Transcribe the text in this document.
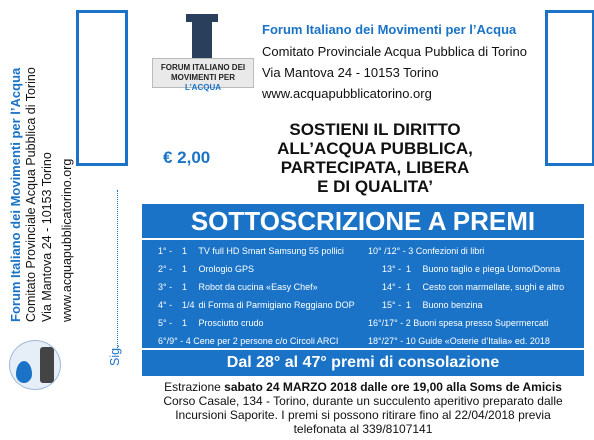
Forum Italiano dei Movimenti per l’Acqua Comitato Provinciale Acqua Pubblica di Torino Via Mantova 24 - 10153 Torino www.acquapubblicatorino.org
Sig.
FORUM ITALIANO DEI
MOVIMENTI PER L’ACQUA
Forum Italiano dei Movimenti per l’Acqua
Comitato Provinciale Acqua Pubblica di Torino
Via Mantova 24 - 10153 Torino
www.acquapubblicatorino.org
€ 2,00
SOSTIENI IL DIRITTO
ALL’ACQUA PUBBLICA,
PARTECIPATA, LIBERA
E DI QUALITA’
SOTTOSCRIZIONE A PREMI
1° - 1 TV full HD Smart Samsung 55 pollici
2° - 1 Orologio GPS
3° - 1 Robot da cucina «Easy Chef»
4° - 1/4 di Forma di Parmigiano Reggiano DOP
5° - 1 Prosciutto crudo
6°/9° - 4 Cene per 2 persone c/o Circoli ARCI
10° /12° - 3 Confezioni di libri
13° - 1 Buono taglio e piega Uomo/Donna
14° - 1 Cesto con marmellate, sughi e altro
15° - 1 Buono benzina
16°/17° - 2 Buoni spesa presso Supermercati
18°/27° - 10 Guide «Osterie d’Italia» ed. 2018
Dal 28° al 47° premi di consolazione
Estrazione sabato 24 MARZO 2018 dalle ore 19,00 alla Soms de Amicis
Corso Casale, 134 - Torino, durante un succulento aperitivo preparato dalle
Incursioni Saporite. I premi si possono ritirare fino al 22/04/2018 previa
telefonata al 339/8107141
